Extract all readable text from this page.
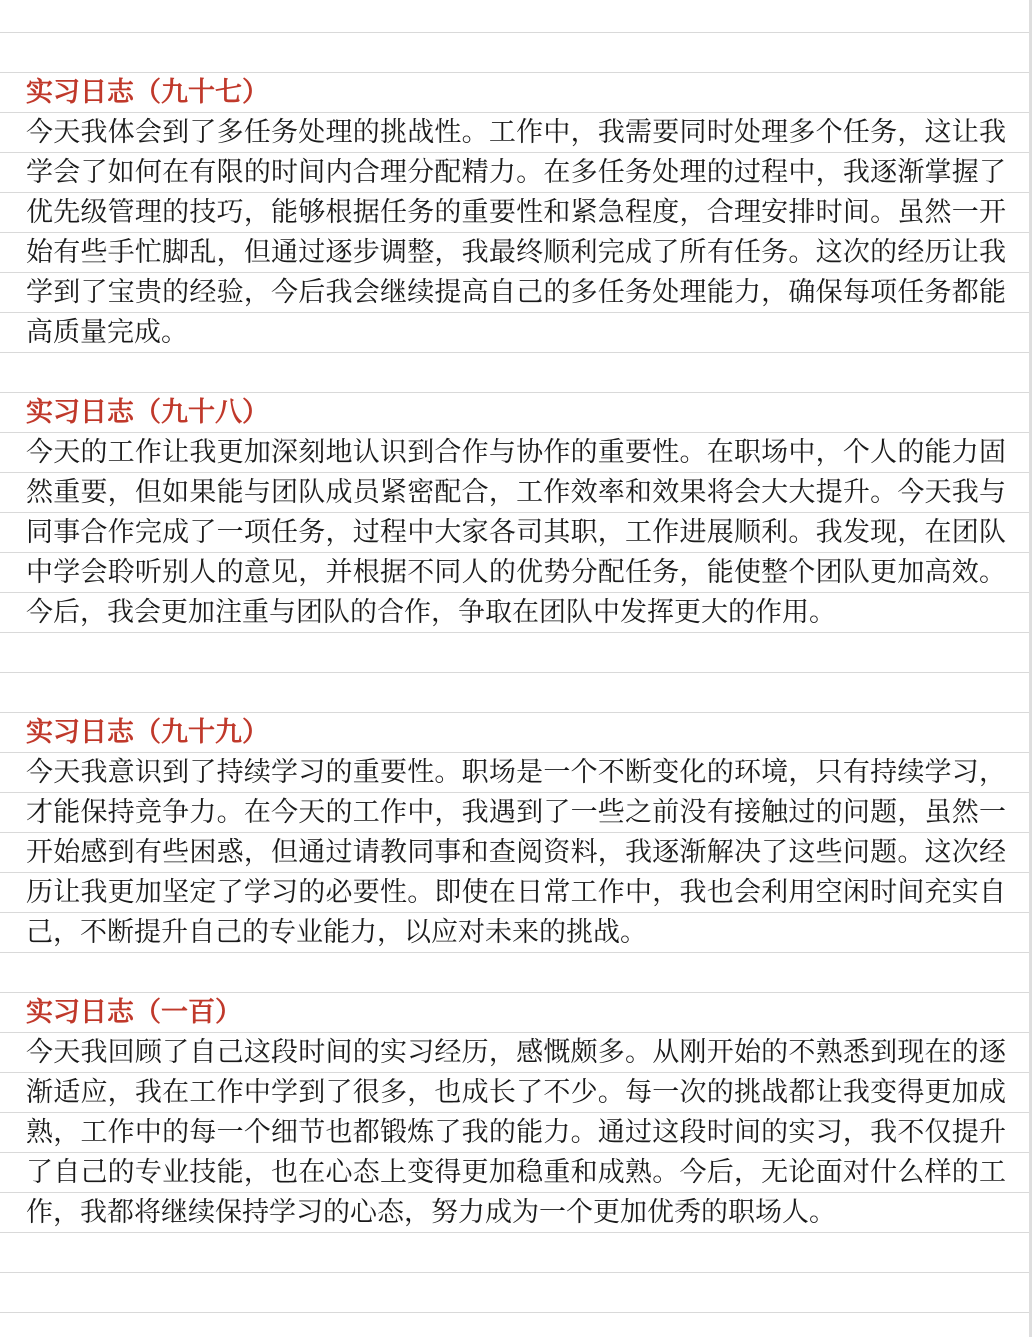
实习日志（九十七）

今天我体会到了多任务处理的挑战性。工作中，我需要同时处理多个任务，这让我学会了如何在有限的时间内合理分配精力。在多任务处理的过程中，我逐渐掌握了优先级管理的技巧，能够根据任务的重要性和紧急程度，合理安排时间。虽然一开始有些手忙脚乱，但通过逐步调整，我最终顺利完成了所有任务。这次的经历让我学到了宝贵的经验，今后我会继续提高自己的多任务处理能力，确保每项任务都能高质量完成。

实习日志（九十八）

今天的工作让我更加深刻地认识到合作与协作的重要性。在职场中，个人的能力固然重要，但如果能与团队成员紧密配合，工作效率和效果将会大大提升。今天我与同事合作完成了一项任务，过程中大家各司其职，工作进展顺利。我发现，在团队中学会聆听别人的意见，并根据不同人的优势分配任务，能使整个团队更加高效。今后，我会更加注重与团队的合作，争取在团队中发挥更大的作用。

实习日志（九十九）

今天我意识到了持续学习的重要性。职场是一个不断变化的环境，只有持续学习，才能保持竞争力。在今天的工作中，我遇到了一些之前没有接触过的问题，虽然一开始感到有些困惑，但通过请教同事和查阅资料，我逐渐解决了这些问题。这次经历让我更加坚定了学习的必要性。即使在日常工作中，我也会利用空闲时间充实自己，不断提升自己的专业能力，以应对未来的挑战。

实习日志（一百）

今天我回顾了自己这段时间的实习经历，感慨颇多。从刚开始的不熟悉到现在的逐渐适应，我在工作中学到了很多，也成长了不少。每一次的挑战都让我变得更加成熟，工作中的每一个细节也都锻炼了我的能力。通过这段时间的实习，我不仅提升了自己的专业技能，也在心态上变得更加稳重和成熟。今后，无论面对什么样的工作，我都将继续保持学习的心态，努力成为一个更加优秀的职场人。
